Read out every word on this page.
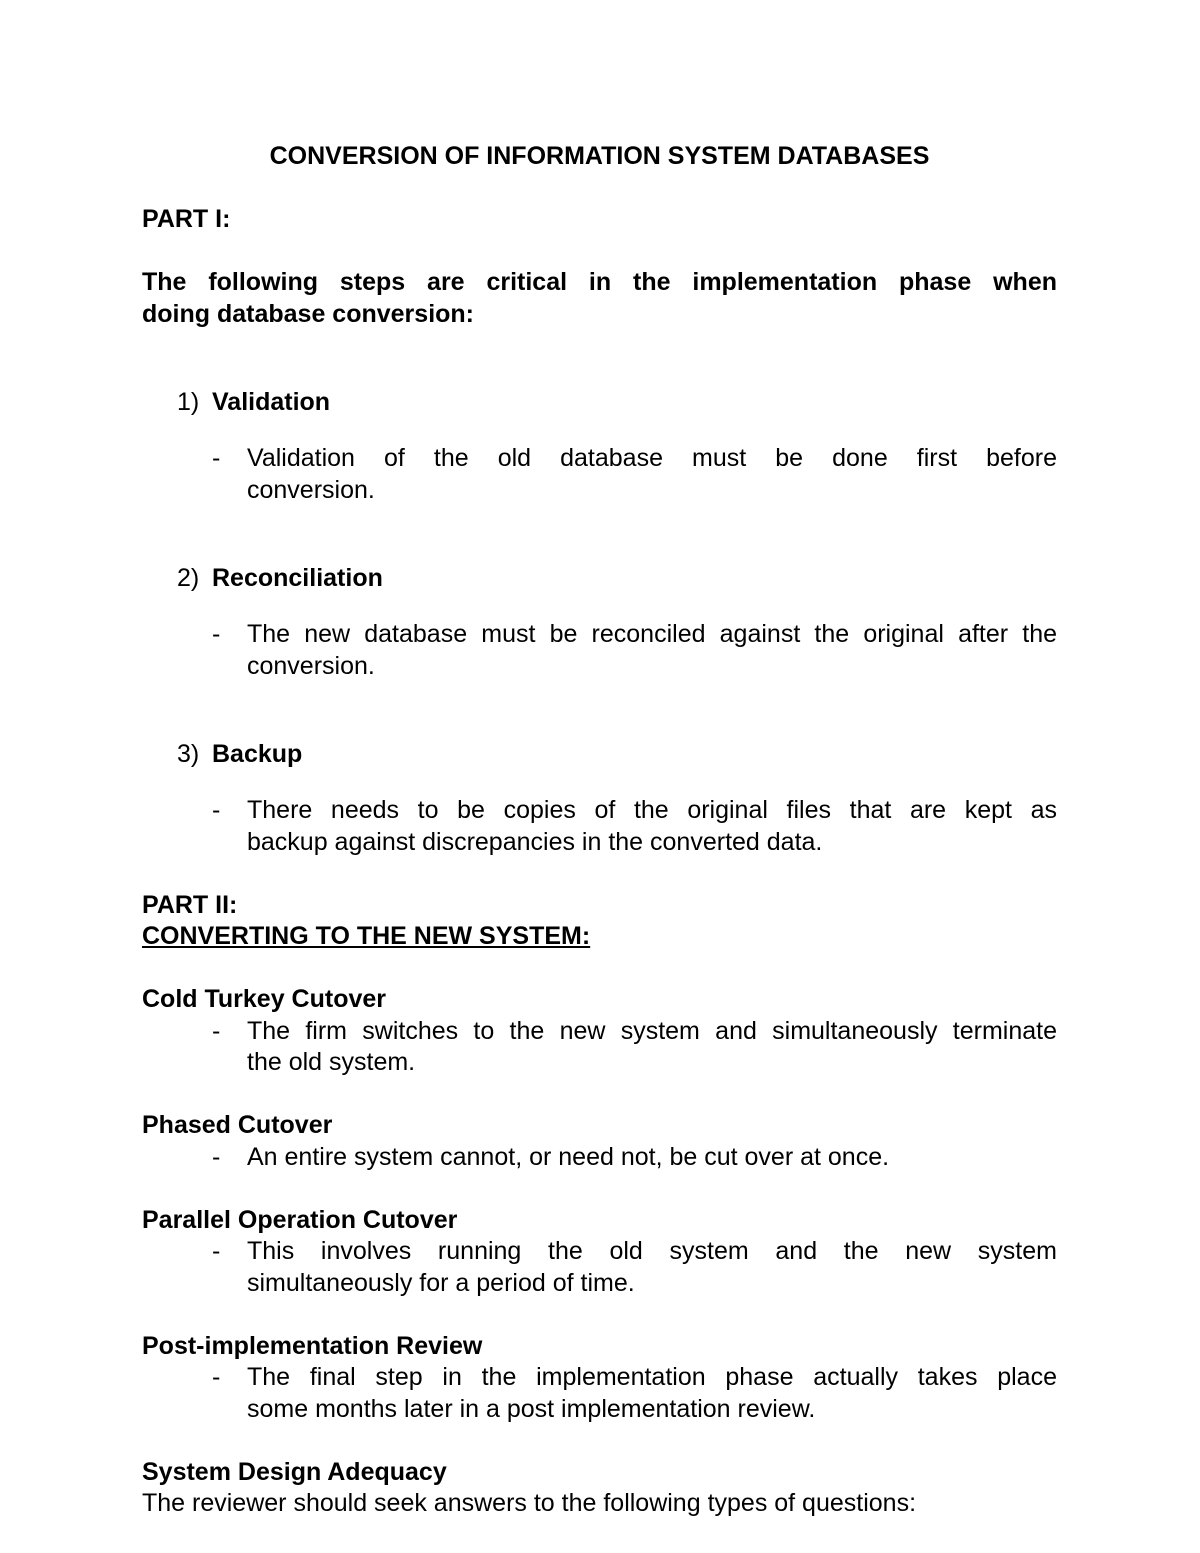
CONVERSION OF INFORMATION SYSTEM DATABASES

PART I:

The following steps are critical in the implementation phase when

doing database conversion:

1) Validation

- Validation of the old database must be done first before

conversion.

2) Reconciliation

- The new database must be reconciled against the original after the

conversion.

3) Backup

- There needs to be copies of the original files that are kept as

backup against discrepancies in the converted data.

PART II:

CONVERTING TO THE NEW SYSTEM:

Cold Turkey Cutover

- The firm switches to the new system and simultaneously terminate

the old system.

Phased Cutover

- An entire system cannot, or need not, be cut over at once.

Parallel Operation Cutover

- This involves running the old system and the new system

simultaneously for a period of time.

Post-implementation Review

- The final step in the implementation phase actually takes place

some months later in a post implementation review.

System Design Adequacy

The reviewer should seek answers to the following types of questions:
